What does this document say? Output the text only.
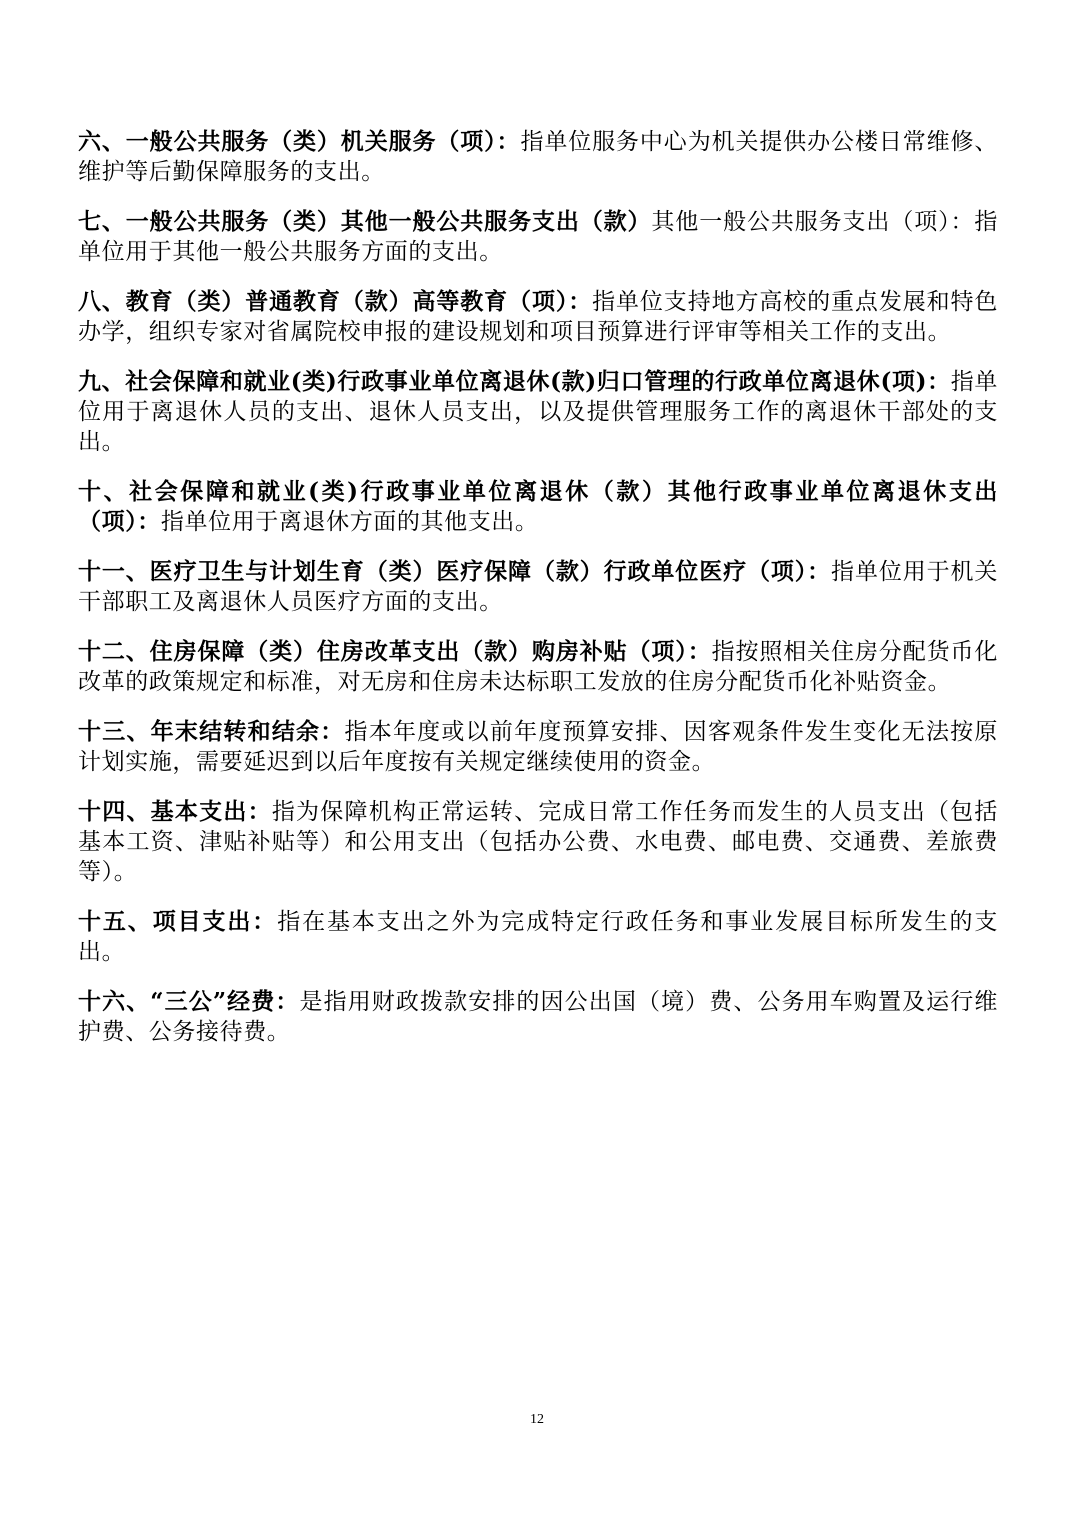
六、一般公共服务（类）机关服务（项）：指单位服务中心为机关提供办公楼日常维修、维护等后勤保障服务的支出。

七、一般公共服务（类）其他一般公共服务支出（款）其他一般公共服务支出（项）：指单位用于其他一般公共服务方面的支出。

八、教育（类）普通教育（款）高等教育（项）：指单位支持地方高校的重点发展和特色办学，组织专家对省属院校申报的建设规划和项目预算进行评审等相关工作的支出。

九、社会保障和就业(类)行政事业单位离退休(款)归口管理的行政单位离退休(项)：指单位用于离退休人员的支出、退休人员支出，以及提供管理服务工作的离退休干部处的支出。

十、社会保障和就业(类)行政事业单位离退休（款）其他行政事业单位离退休支出（项）：指单位用于离退休方面的其他支出。

十一、医疗卫生与计划生育（类）医疗保障（款）行政单位医疗（项）：指单位用于机关干部职工及离退休人员医疗方面的支出。

十二、住房保障（类）住房改革支出（款）购房补贴（项）：指按照相关住房分配货币化改革的政策规定和标准，对无房和住房未达标职工发放的住房分配货币化补贴资金。

十三、年末结转和结余：指本年度或以前年度预算安排、因客观条件发生变化无法按原计划实施，需要延迟到以后年度按有关规定继续使用的资金。

十四、基本支出：指为保障机构正常运转、完成日常工作任务而发生的人员支出（包括基本工资、津贴补贴等）和公用支出（包括办公费、水电费、邮电费、交通费、差旅费等）。

十五、项目支出：指在基本支出之外为完成特定行政任务和事业发展目标所发生的支出。

十六、“三公”经费：是指用财政拨款安排的因公出国（境）费、公务用车购置及运行维护费、公务接待费。

12
